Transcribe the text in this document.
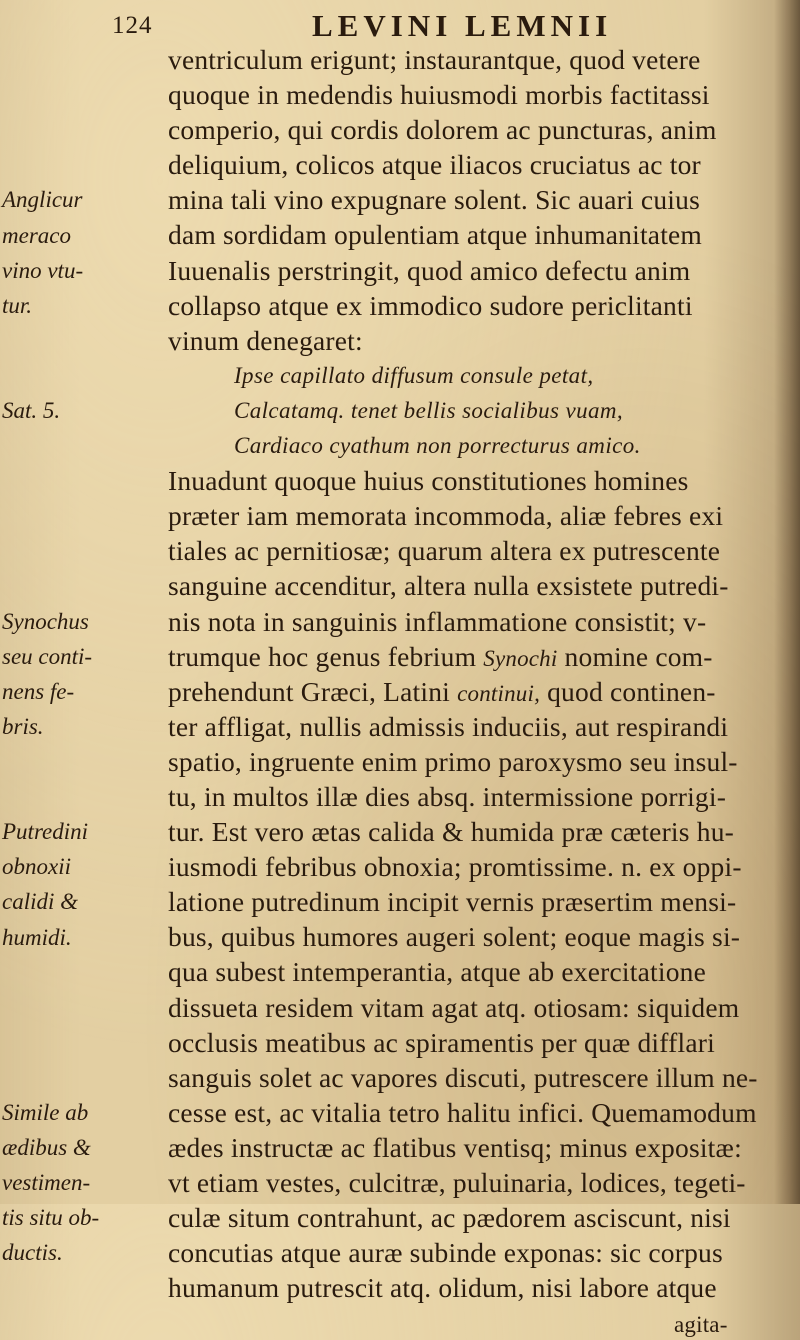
124	LEVINI LEMNII
ventriculum erigunt; instaurantque, quod vetere
quoque in medendis huiusmodi morbis factitassi
comperio, qui cordis dolorem ac puncturas, anim
deliquium, colicos atque iliacos cruciatus ac tor
mina tali vino expugnare solent. Sic auari cuius
dam sordidam opulentiam atque inhumanitatem
Iuuenalis perstringit, quod amico defectu anim
collapso atque ex immodico sudore periclitanti
vinum denegaret:
Ipse capillato diffusum consule petat,
Calcatamq. tenet bellis socialibus vuam,
Cardiaco cyathum non porrecturus amico.
Inuadunt quoque huius constitutiones homines
præter iam memorata incommoda, aliæ febres exi
tiales ac pernitiosæ; quarum altera ex putrescente
sanguine accenditur, altera nulla exsistete putredi-
nis nota in sanguinis inflammatione consistit; v-
trumque hoc genus febrium Synochi nomine com-
prehendunt Græci, Latini continui, quod continen-
ter affligat, nullis admissis induciis, aut respirandi
spatio, ingruente enim primo paroxysmo seu insul-
tu, in multos illæ dies absq. intermissione porrigi-
tur. Est vero ætas calida & humida præ cæteris hu-
iusmodi febribus obnoxia; promtissime. n. ex oppi-
latione putredinum incipit vernis præsertim mensi-
bus, quibus humores augeri solent; eoque magis si-
qua subest intemperantia, atque ab exercitatione
dissueta residem vitam agat atq. otiosam: siquidem
occlusis meatibus ac spiramentis per quæ difflari
sanguis solet ac vapores discuti, putrescere illum ne-
cesse est, ac vitalia tetro halitu infici. Quemamodum
ædes instructæ ac flatibus ventisq; minus expositæ:
vt etiam vestes, culcitræ, puluinaria, lodices, tegeti-
culæ situm contrahunt, ac pædorem asciscunt, nisi
concutias atque auræ subinde exponas: sic corpus
humanum putrescit atq. olidum, nisi labore atque
agita-
Anglicur
meraco
vino vtu-
tur.
Sat. 5.
Synochus
seu conti-
nens fe-
bris.
Putredini
obnoxii
calidi &
humidi.
Simile ab
ædibus &
vestimen-
tis situ ob-
ductis.
